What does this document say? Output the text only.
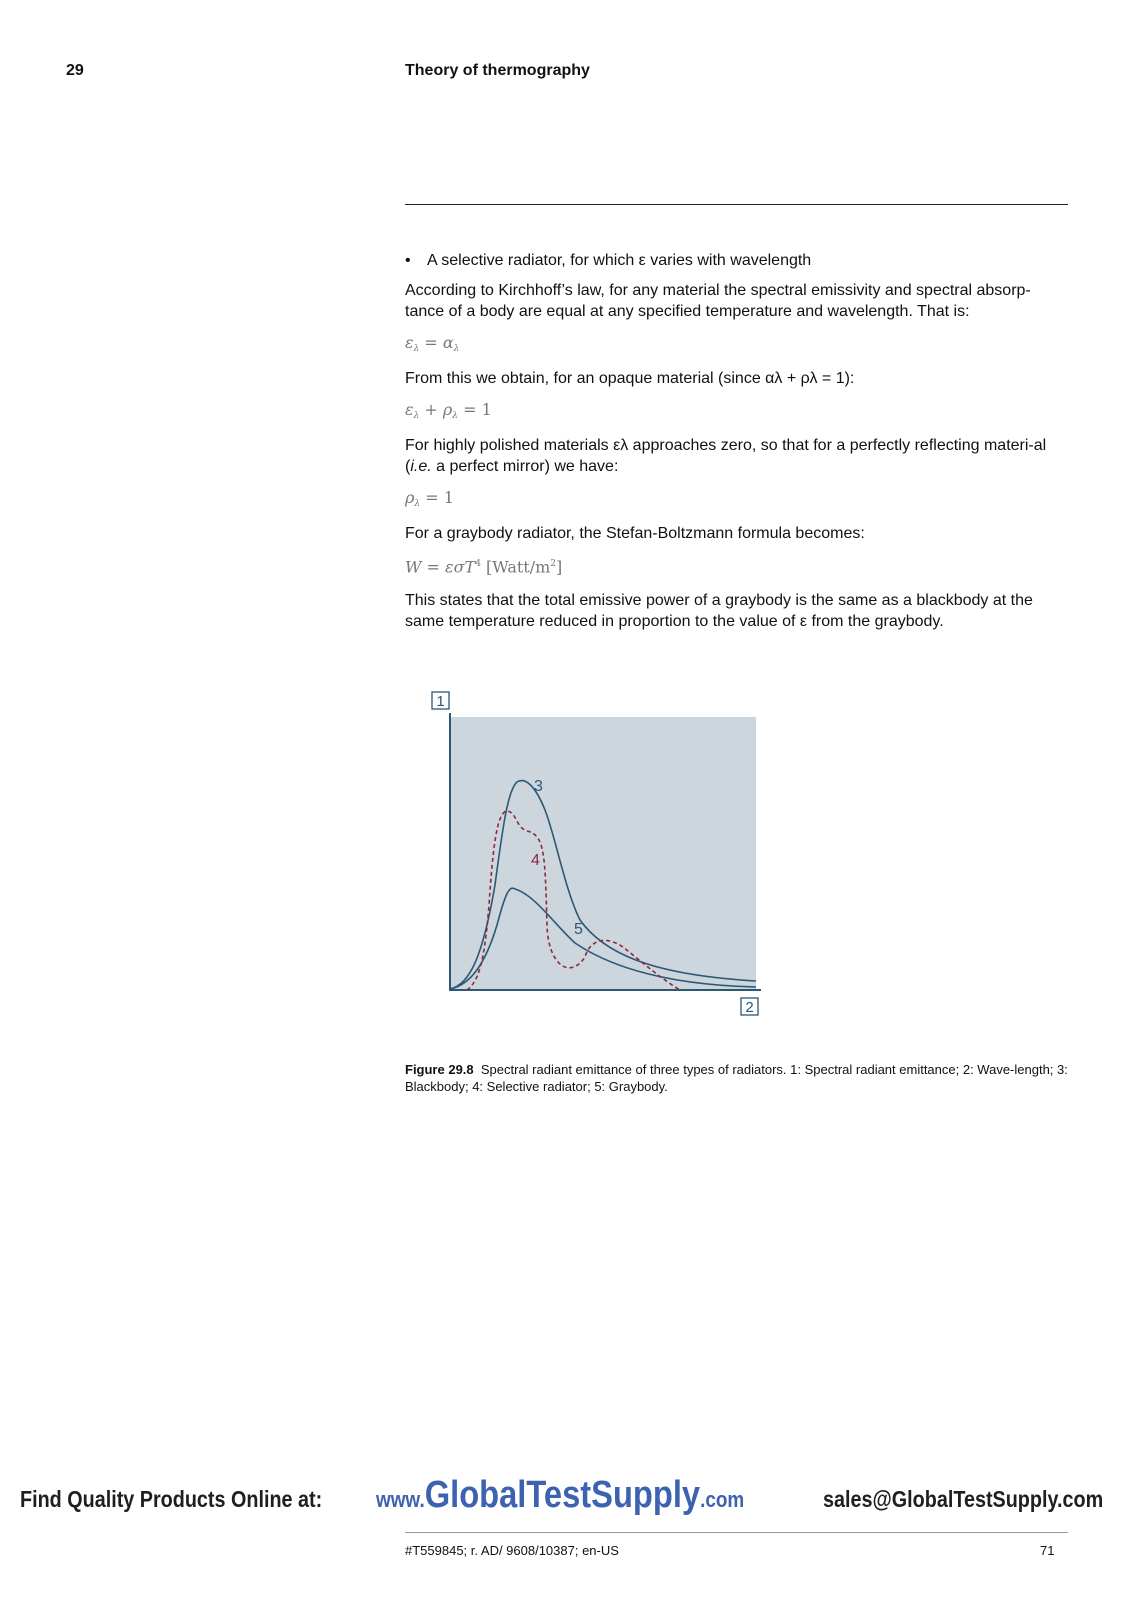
29	Theory of thermography
•	A selective radiator, for which ε varies with wavelength

According to Kirchhoff’s law, for any material the spectral emissivity and spectral absorp-tance of a body are equal at any specified temperature and wavelength. That is:

$\varepsilon_\lambda = \alpha_\lambda$

From this we obtain, for an opaque material (since αλ + ρλ = 1):

$\varepsilon_\lambda + \rho_\lambda = 1$

For highly polished materials ελ approaches zero, so that for a perfectly reflecting materi-al (i.e. a perfect mirror) we have:

$\rho_\lambda = 1$

For a graybody radiator, the Stefan-Boltzmann formula becomes:

W = εσT$^4$ $[Watt/m^2]$

This states that the total emissive power of a graybody is the same as a blackbody at the same temperature reduced in proportion to the value of ε from the graybody.

1
2
3
4
5
Figure 29.8 Spectral radiant emittance of three types of radiators. 1: Spectral radiant emittance; 2: Wave-length; 3: Blackbody; 4: Selective radiator; 5: Graybody.
Find Quality Products Online at: www.GlobalTestSupply.com	sales@GlobalTestSupply.com
#T559845; r. AD/ 9608/10387; en-US	71
